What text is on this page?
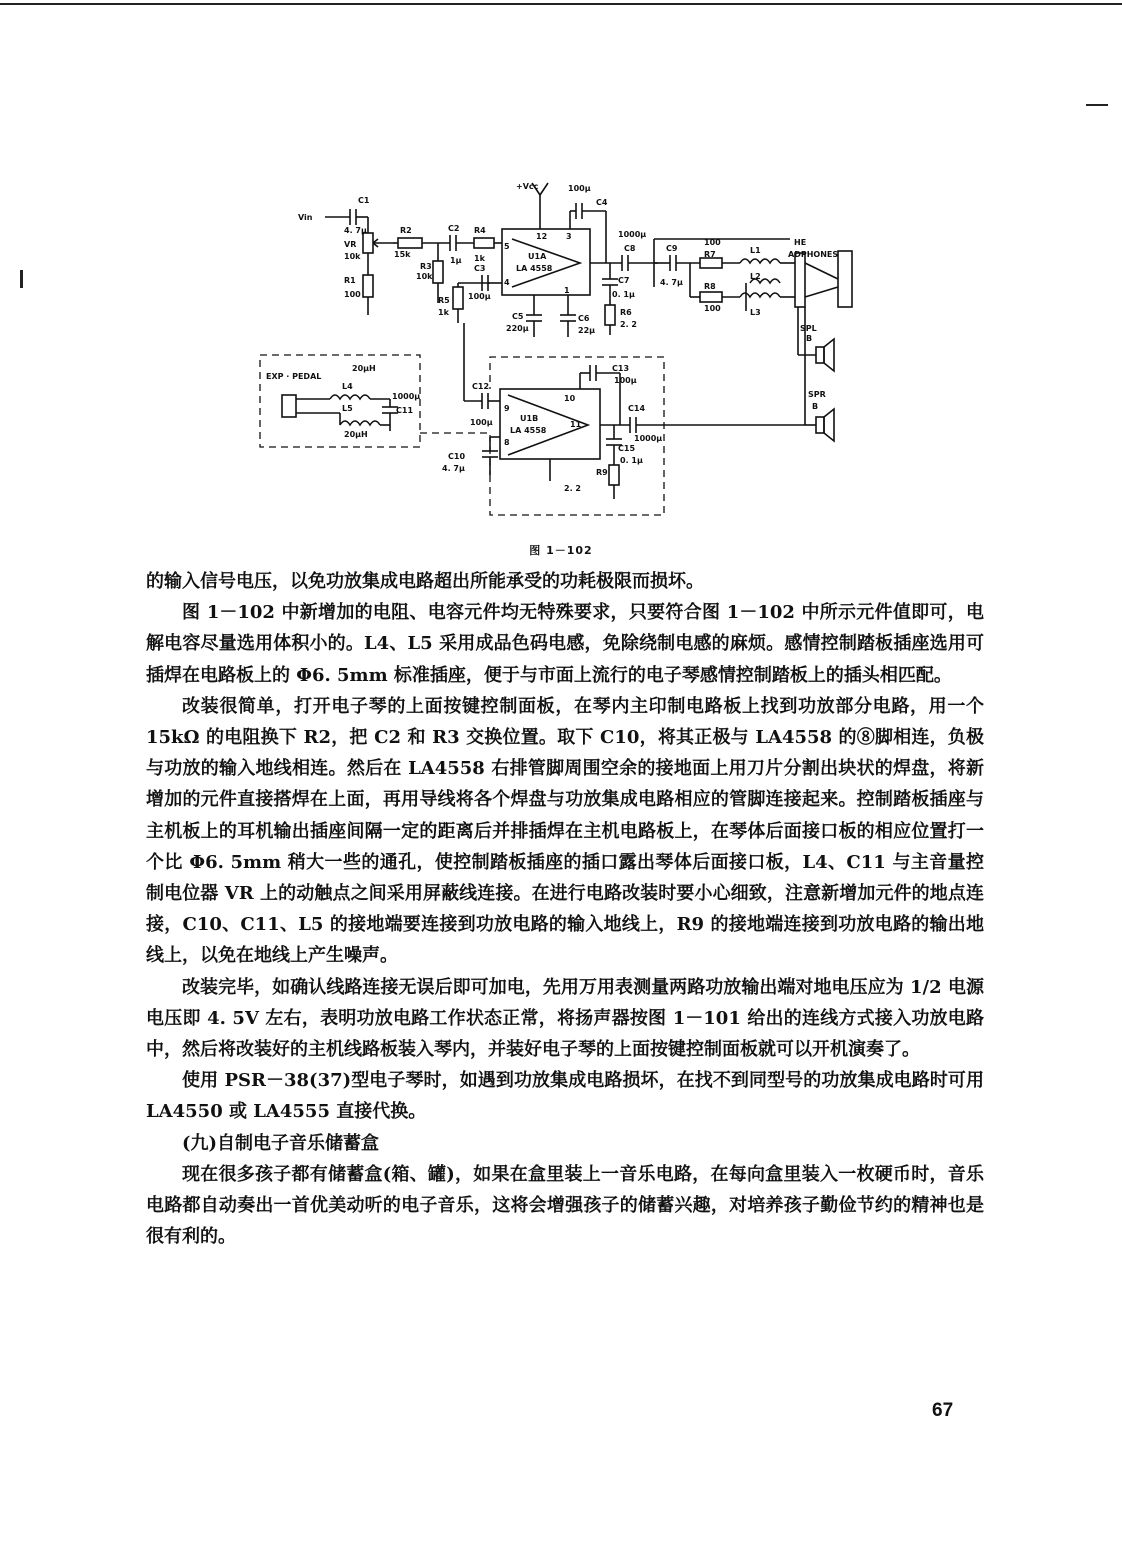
Vin
C1
4. 7μ
VR
10k
R1
100
R2
15k
C2
1μ
R3
10k
R4
1k
R5
1k
C3
100μ
+Vcc	100μ
C4
U1A
LA 4558
5
4
12 3
1
C5
220μ
C6
22μ
C7
0. 1μ
R6
2. 2
1000μ
C8	C9
4. 7μ
100
R7
R8
100
L1
L2
L3
HE
ADPHONES
SPL
B
SPR
B
EXP · PEDAL
20μH
L4
L5
20μH
1000μ
C11
C12
100μ	U1B
LA 4558
9
8
10
11
C13
100μ
C14
1000μ
C15
0. 1μ
R9
2. 2
C10
4. 7μ
图 1－102

的输入信号电压，以免功放集成电路超出所能承受的功耗极限而损坏。

图 1－102 中新增加的电阻、电容元件均无特殊要求，只要符合图 1－102 中所示元件值即可，电解电容尽量选用体积小的。L4、L5 采用成品色码电感，免除绕制电感的麻烦。感情控制踏板插座选用可插焊在电路板上的 Φ6. 5mm 标准插座，便于与市面上流行的电子琴感情控制踏板上的插头相匹配。

改装很简单，打开电子琴的上面按键控制面板，在琴内主印制电路板上找到功放部分电路，用一个 15kΩ 的电阻换下 R2，把 C2 和 R3 交换位置。取下 C10，将其正极与 LA4558 的⑧脚相连，负极与功放的输入地线相连。然后在 LA4558 右排管脚周围空余的接地面上用刀片分割出块状的焊盘，将新增加的元件直接搭焊在上面，再用导线将各个焊盘与功放集成电路相应的管脚连接起来。控制踏板插座与主机板上的耳机输出插座间隔一定的距离后并排插焊在主机电路板上，在琴体后面接口板的相应位置打一个比 Φ6. 5mm 稍大一些的通孔，使控制踏板插座的插口露出琴体后面接口板，L4、C11 与主音量控制电位器 VR 上的动触点之间采用屏蔽线连接。在进行电路改装时要小心细致，注意新增加元件的地点连接，C10、C11、L5 的接地端要连接到功放电路的输入地线上，R9 的接地端连接到功放电路的输出地线上，以免在地线上产生噪声。

改装完毕，如确认线路连接无误后即可加电，先用万用表测量两路功放输出端对地电压应为 1/2 电源电压即 4. 5V 左右，表明功放电路工作状态正常，将扬声器按图 1－101 给出的连线方式接入功放电路中，然后将改装好的主机线路板装入琴内，并装好电子琴的上面按键控制面板就可以开机演奏了。

使用 PSR－38(37)型电子琴时，如遇到功放集成电路损坏，在找不到同型号的功放集成电路时可用 LA4550 或 LA4555 直接代换。

(九)自制电子音乐储蓄盒

现在很多孩子都有储蓄盒(箱、罐)，如果在盒里装上一音乐电路，在每向盒里装入一枚硬币时，音乐电路都自动奏出一首优美动听的电子音乐，这将会增强孩子的储蓄兴趣，对培养孩子勤俭节约的精神也是很有利的。

67
